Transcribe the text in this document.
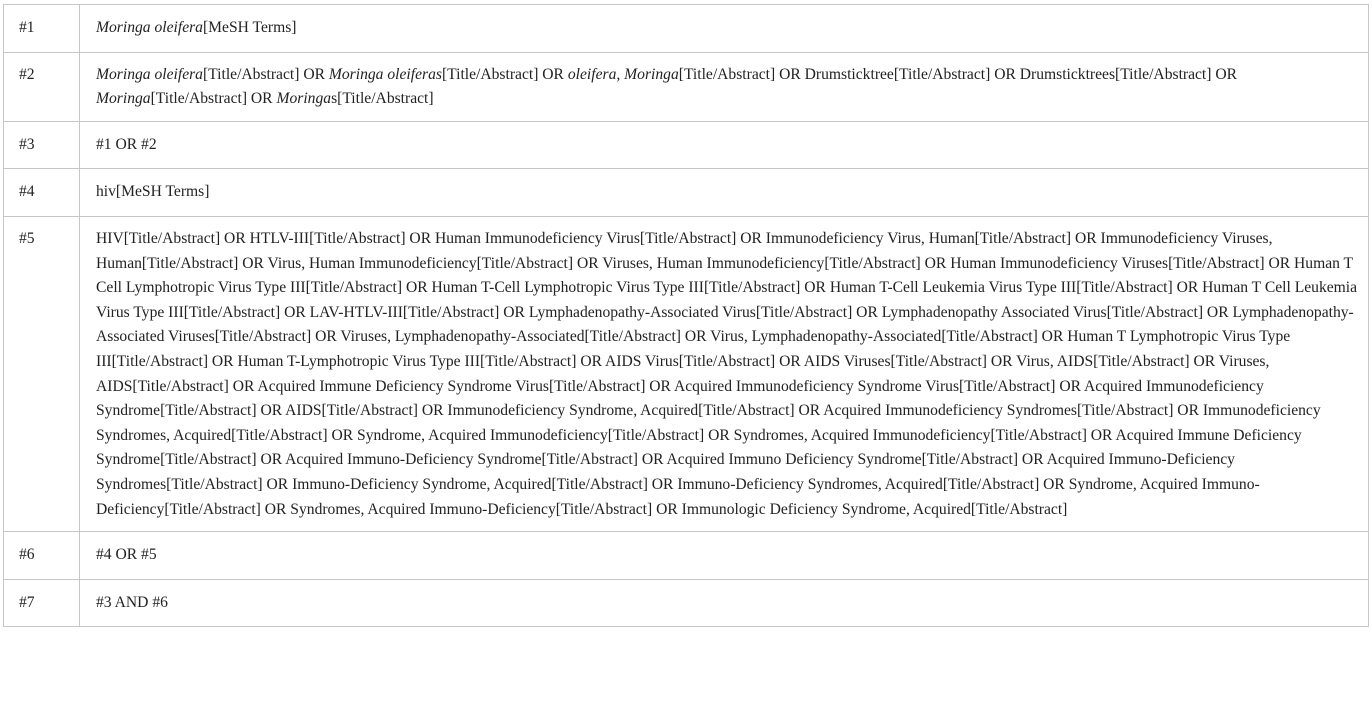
#1	Moringa oleifera[MeSH Terms]
#2	Moringa oleifera[Title/Abstract] OR Moringa oleiferas[Title/Abstract] OR oleifera, Moringa[Title/Abstract] OR Drumsticktree[Title/Abstract] OR Drumsticktrees[Title/Abstract] OR Moringa[Title/Abstract] OR Moringas[Title/Abstract]
#3	#1 OR #2
#4	hiv[MeSH Terms]
#5	HIV[Title/Abstract] OR HTLV-III[Title/Abstract] OR Human Immunodeficiency Virus[Title/Abstract] OR Immunodeficiency Virus, Human[Title/Abstract] OR Immunodeficiency Viruses, Human[Title/Abstract] OR Virus, Human Immunodeficiency[Title/Abstract] OR Viruses, Human Immunodeficiency[Title/Abstract] OR Human Immunodeficiency Viruses[Title/Abstract] OR Human T Cell Lymphotropic Virus Type III[Title/Abstract] OR Human T-Cell Lymphotropic Virus Type III[Title/Abstract] OR Human T-Cell Leukemia Virus Type III[Title/Abstract] OR Human T Cell Leukemia Virus Type III[Title/Abstract] OR LAV-HTLV-III[Title/Abstract] OR Lymphadenopathy-Associated Virus[Title/Abstract] OR Lymphadenopathy Associated Virus[Title/Abstract] OR Lymphadenopathy-Associated Viruses[Title/Abstract] OR Viruses, Lymphadenopathy-Associated[Title/Abstract] OR Virus, Lymphadenopathy-Associated[Title/Abstract] OR Human T Lymphotropic Virus Type III[Title/Abstract] OR Human T-Lymphotropic Virus Type III[Title/Abstract] OR AIDS Virus[Title/Abstract] OR AIDS Viruses[Title/Abstract] OR Virus, AIDS[Title/Abstract] OR Viruses, AIDS[Title/Abstract] OR Acquired Immune Deficiency Syndrome Virus[Title/Abstract] OR Acquired Immunodeficiency Syndrome Virus[Title/Abstract] OR Acquired Immunodeficiency Syndrome[Title/Abstract] OR AIDS[Title/Abstract] OR Immunodeficiency Syndrome, Acquired[Title/Abstract] OR Acquired Immunodeficiency Syndromes[Title/Abstract] OR Immunodeficiency Syndromes, Acquired[Title/Abstract] OR Syndrome, Acquired Immunodeficiency[Title/Abstract] OR Syndromes, Acquired Immunodeficiency[Title/Abstract] OR Acquired Immune Deficiency Syndrome[Title/Abstract] OR Acquired Immuno-Deficiency Syndrome[Title/Abstract] OR Acquired Immuno Deficiency Syndrome[Title/Abstract] OR Acquired Immuno-Deficiency Syndromes[Title/Abstract] OR Immuno-Deficiency Syndrome, Acquired[Title/Abstract] OR Immuno-Deficiency Syndromes, Acquired[Title/Abstract] OR Syndrome, Acquired Immuno-Deficiency[Title/Abstract] OR Syndromes, Acquired Immuno-Deficiency[Title/Abstract] OR Immunologic Deficiency Syndrome, Acquired[Title/Abstract]
#6	#4 OR #5
#7	#3 AND #6
